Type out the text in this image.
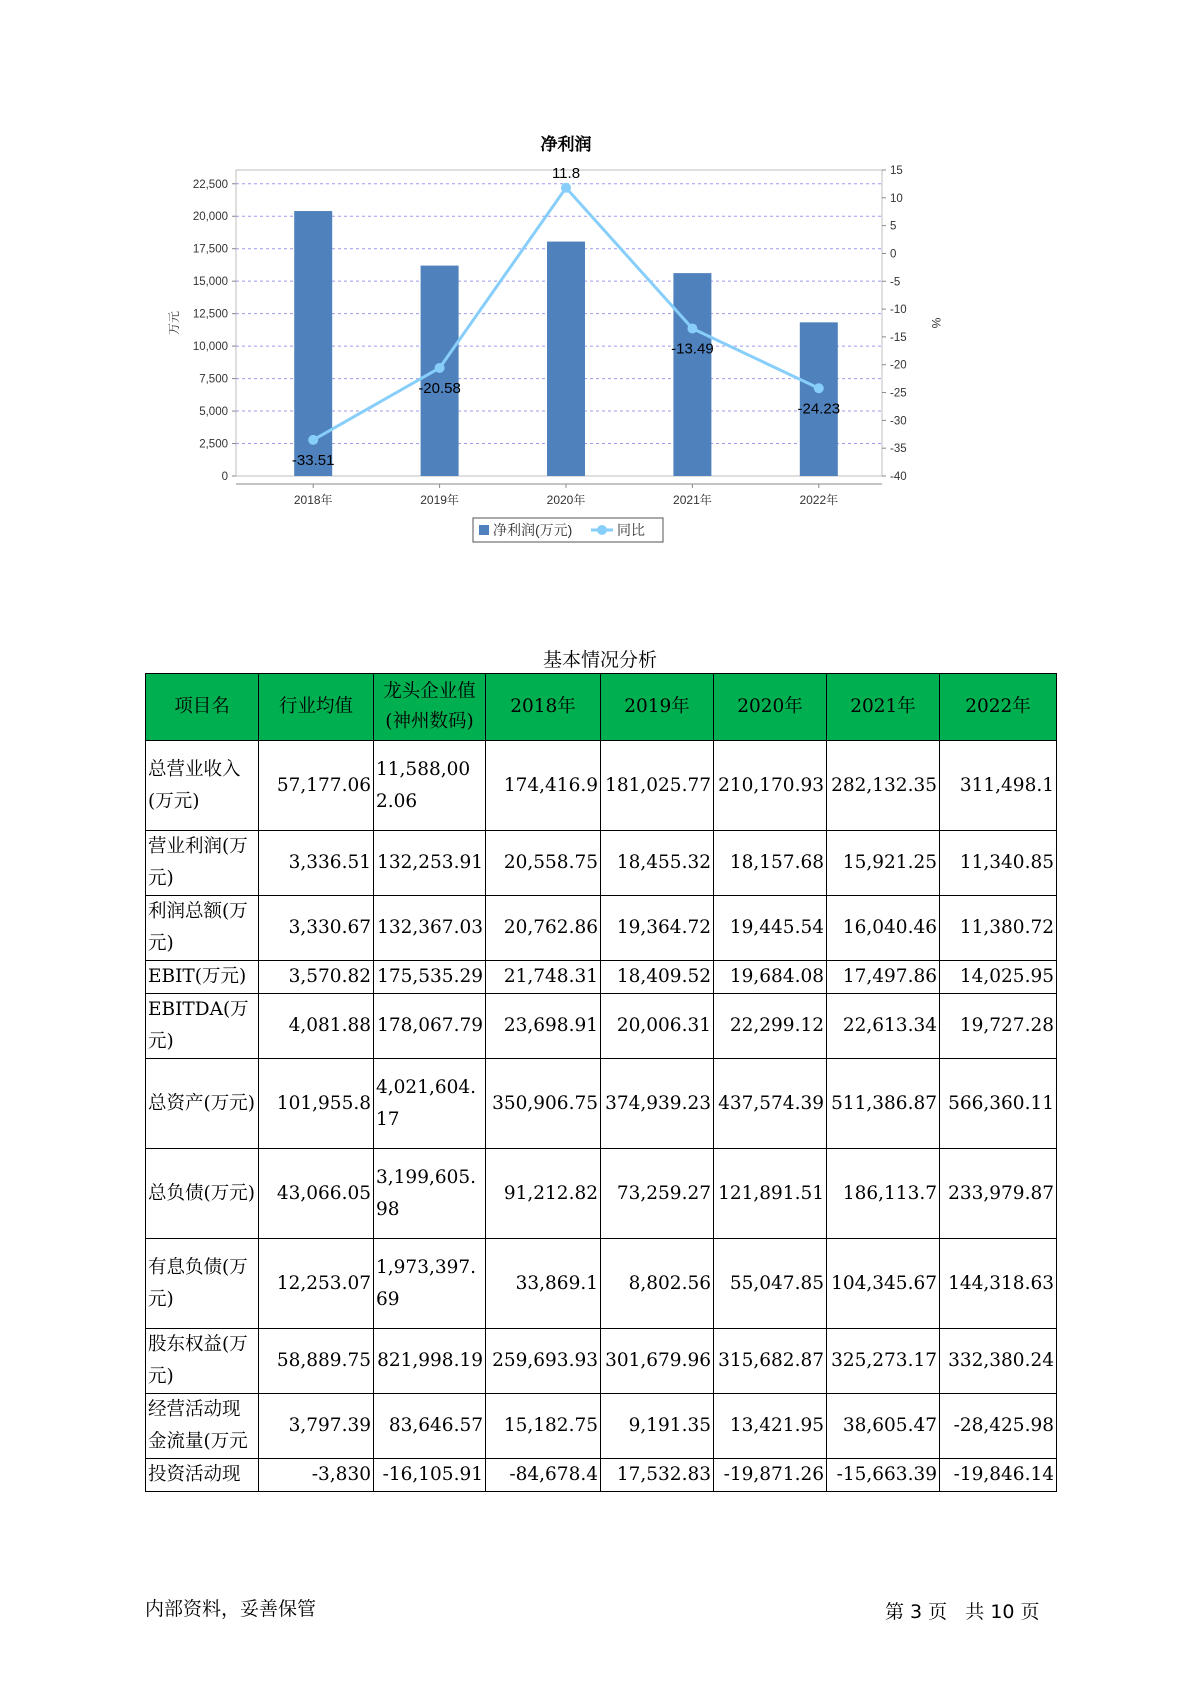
净利润
0
2,500
5,000
7,500
10,000
12,500
15,000
17,500
20,000
22,500
万元
15
10
5
0
-5
-10
-15
-20
-25
-30
-35
-40
%
2018年	2019年	2020年	2021年	2022年
-33.51
-20.58
11.8
-13.49
-24.23
净利润(万元)	同比
基本情况分析
项目名	行业均值	龙头企业值(神州数码)	2018年	2019年	2020年	2021年	2022年
总营业收入(万元)	57,177.06	11,588,002.06	174,416.9	181,025.77	210,170.93	282,132.35	311,498.1
营业利润(万元)	3,336.51	132,253.91	20,558.75	18,455.32	18,157.68	15,921.25	11,340.85
利润总额(万元)	3,330.67	132,367.03	20,762.86	19,364.72	19,445.54	16,040.46	11,380.72
EBIT(万元)	3,570.82	175,535.29	21,748.31	18,409.52	19,684.08	17,497.86	14,025.95
EBITDA(万元)	4,081.88	178,067.79	23,698.91	20,006.31	22,299.12	22,613.34	19,727.28
总资产(万元)	101,955.8	4,021,604.17	350,906.75	374,939.23	437,574.39	511,386.87	566,360.11
总负债(万元)	43,066.05	3,199,605.98	91,212.82	73,259.27	121,891.51	186,113.7	233,979.87
有息负债(万元)	12,253.07	1,973,397.69	33,869.1	8,802.56	55,047.85	104,345.67	144,318.63
股东权益(万元)	58,889.75	821,998.19	259,693.93	301,679.96	315,682.87	325,273.17	332,380.24
经营活动现金流量(万元	3,797.39	83,646.57	15,182.75	9,191.35	13,421.95	38,605.47	-28,425.98
投资活动现	-3,830	-16,105.91	-84,678.4	17,532.83	-19,871.26	-15,663.39	-19,846.14
内部资料，妥善保管	第 3 页   共 10 页
